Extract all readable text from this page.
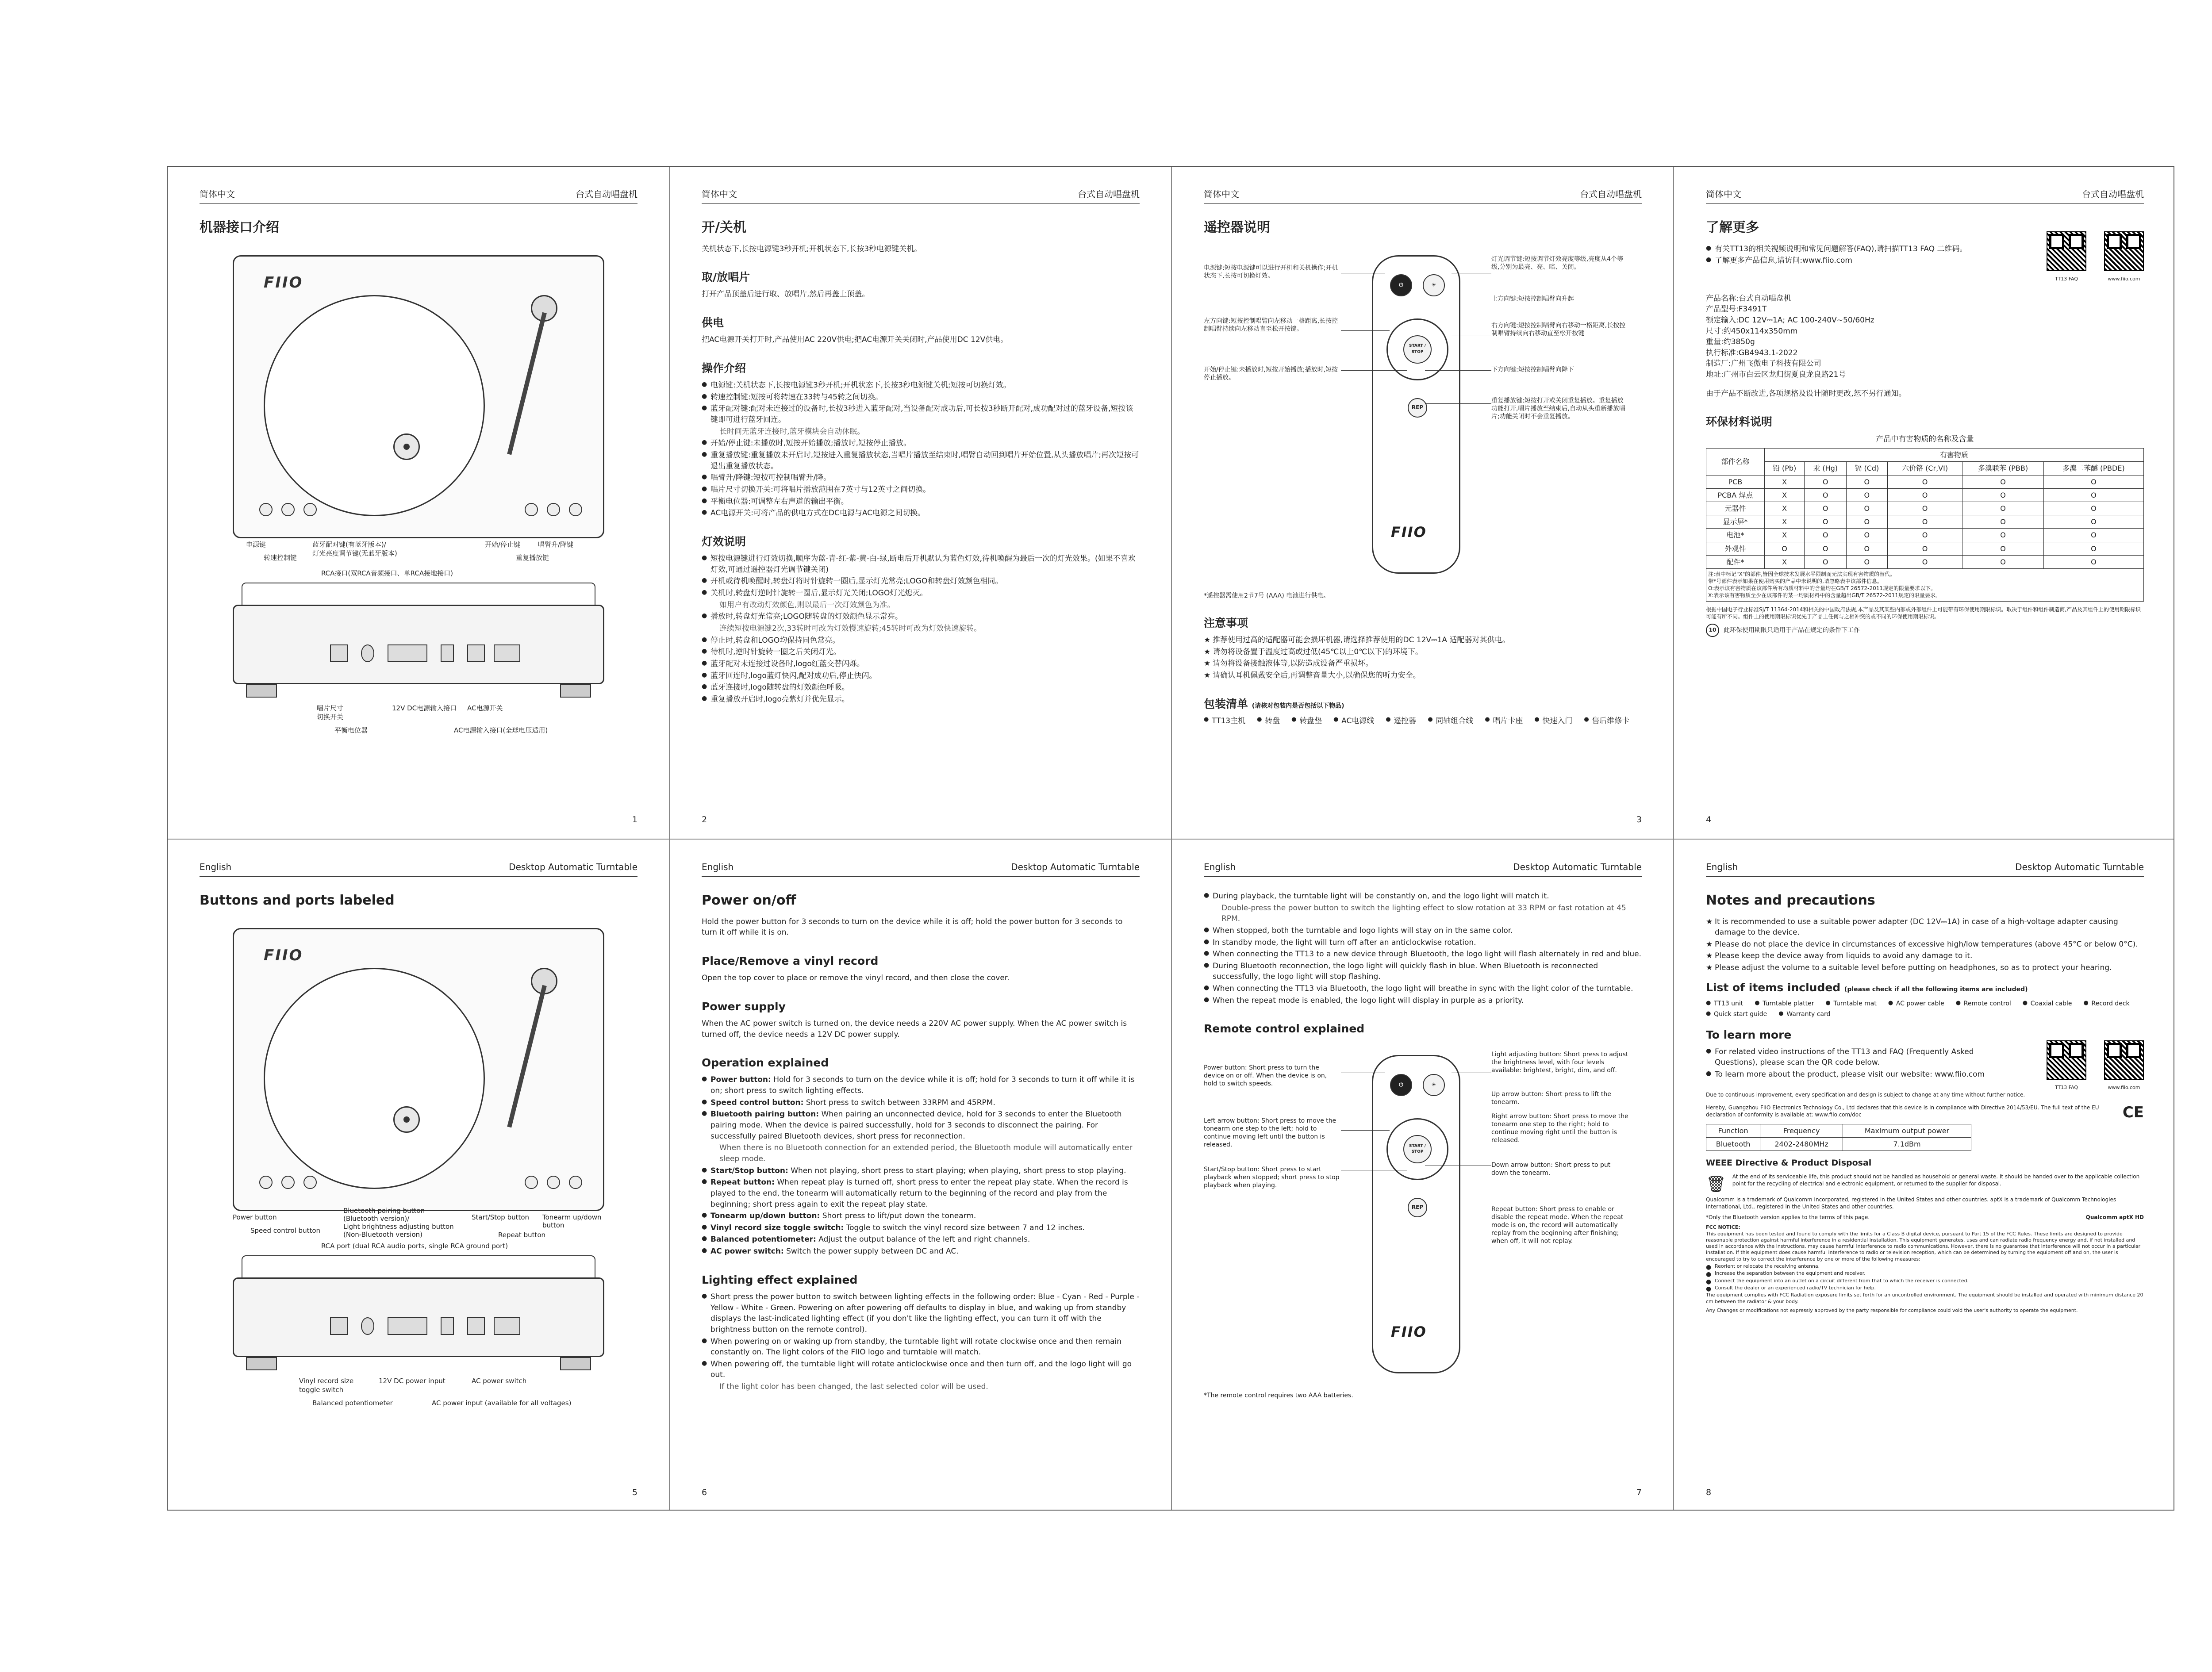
简体中文	台式自动唱盘机
机器接口介绍
FIIO
电源键
转速控制键
蓝牙配对键(有蓝牙版本)/
灯光亮度调节键(无蓝牙版本)
开始/停止键	唱臂升/降键
重复播放键
RCA接口(双RCA音频接口、单RCA接地接口)
唱片尺寸
切换开关
平衡电位器
12V DC电源输入接口 AC电源开关
AC电源输入接口(全球电压适用)
1
简体中文	台式自动唱盘机
开/关机

关机状态下,长按电源键3秒开机;开机状态下,长按3秒电源键关机。

取/放唱片

打开产品顶盖后进行取、放唱片,然后再盖上顶盖。

供电

把AC电源开关打开时,产品使用AC 220V供电;把AC电源开关关闭时,产品使用DC 12V供电。

操作介绍
● 电源键:关机状态下,长按电源键3秒开机;开机状态下,长按3秒电源键关机;短按可切换灯效。
● 转速控制键:短按可将转速在33转与45转之间切换。
● 蓝牙配对键:配对未连接过的设备时,长按3秒进入蓝牙配对,当设备配对成功后,可长按3秒断开配对,成功配对过的蓝牙设备,短按该键即可进行蓝牙回连。
长时间无蓝牙连接时,蓝牙模块会自动休眠。
● 开始/停止键:未播放时,短按开始播放;播放时,短按停止播放。
● 重复播放键:重复播放未开启时,短按进入重复播放状态,当唱片播放至结束时,唱臂自动回到唱片开始位置,从头播放唱片;再次短按可退出重复播放状态。
● 唱臂升/降键:短按可控制唱臂升/降。
● 唱片尺寸切换开关:可将唱片播放范围在7英寸与12英寸之间切换。
● 平衡电位器:可调整左右声道的输出平衡。
● AC电源开关:可将产品的供电方式在DC电源与AC电源之间切换。
灯效说明
● 短按电源键进行灯效切换,顺序为蓝-青-红-紫-黄-白-绿,断电后开机默认为蓝色灯效,待机唤醒为最后一次的灯光效果。(如果不喜欢灯效,可通过遥控器灯光调节键关闭)
● 开机或待机唤醒时,转盘灯将时针旋转一圈后,显示灯光常亮;LOGO和转盘灯效颜色相同。
● 关机时,转盘灯逆时针旋转一圈后,显示灯光关闭;LOGO灯光熄灭。
如用户有改动灯效颜色,则以最后一次灯效颜色为准。
● 播放时,转盘灯光常亮;LOGO随转盘的灯效颜色显示常亮。
连续短按电源键2次,33转时可改为灯效慢速旋转;45转时可改为灯效快速旋转。
● 停止时,转盘和LOGO均保持同色常亮。
● 待机时,逆时针旋转一圈之后关闭灯光。
● 蓝牙配对未连接过设备时,logo红蓝交替闪烁。
● 蓝牙回连时,logo蓝灯快闪,配对成功后,停止快闪。
● 蓝牙连接时,logo随转盘的灯效颜色呼吸。
● 重复播放开启时,logo亮紫灯并优先显示。
2
简体中文	台式自动唱盘机
遥控器说明
⏻	☀
START / STOP
REP
FIIO
电源键:短按电源键可以进行开机和关机操作;开机状态下,长按可切换灯效。
灯光调节键:短按调节灯效亮度等级,亮度从4个等级,分别为最亮、亮、暗、关闭。
上方向键:短按控制唱臂向升起
左方向键:短按控制唱臂向左移动一格距离,长按控制唱臂持续向左移动直至松开按键。
右方向键:短按控制唱臂向右移动一格距离,长按控制唱臂持续向右移动直至松开按键
开始/停止键:未播放时,短按开始播放;播放时,短按停止播放。
下方向键:短按控制唱臂向降下
重复播放键:短按打开或关闭重复播放。重复播放功能打开,唱片播放至结束后,自动从头重新播放唱片;功能关闭时不会重复播放。

*遥控器需使用2节7号 (AAA) 电池进行供电。

注意事项
★ 推荐使用过高的适配器可能会损坏机器,请选择推荐使用的DC 12V⎓1A 适配器对其供电。
★ 请勿将设备置于温度过高或过低(45℃以上0℃以下)的环境下。
★ 请勿将设备接触液体等,以防造成设备严重损坏。
★ 请确认耳机佩戴安全后,再调整音量大小,以确保您的听力安全。
包装清单 (请核对包装内是否包括以下物品)
● TT13主机	● 转盘	● 转盘垫	● AC电源线	● 遥控器	● 同轴组合线	● 唱片卡座	● 快速入门	● 售后维修卡
3
简体中文	台式自动唱盘机
了解更多
● 有关TT13的相关视频说明和常见问题解答(FAQ),请扫描TT13 FAQ 二维码。
● 了解更多产品信息,请访问:www.fiio.com
TT13 FAQ	www.fiio.com

产品名称:台式自动唱盘机

产品型号:F3491T

额定输入:DC 12V⎓1A; AC 100-240V~50/60Hz

尺寸:约450x114x350mm

重量:约3850g

执行标准:GB4943.1-2022

制造厂:广州飞傲电子科技有限公司

地址:广州市白云区龙归街夏良龙良路21号

由于产品不断改进,各项规格及设计随时更改,恕不另行通知。

环保材料说明

产品中有害物质的名称及含量

部件名称	有害物质					
	铅 (Pb)	汞 (Hg)	镉 (Cd)	六价铬 (Cr,VI)	多溴联苯 (PBB)	多溴二苯醚 (PBDE)
PCB	X	O	O	O	O	O
PCBA 焊点	X	O	O	O	O	O
元器件	X	O	O	O	O	O
显示屏*	X	O	O	O	O	O
电池*	X	O	O	O	O	O
外观件	O	O	O	O	O	O
配件*	X	O	O	O	O	O
注:表中标记"X"的部件,皆因全球技术发展水平限制而无法实现有害物质的替代。
带*号部件表示如果在使用购买的产品中未说明的,请忽略表中该部件信息。
O:表示该有害物质在该部件所有均质材料中的含量均在GB/T 26572-2011规定的限量要求以下。
X:表示该有害物质至少在该部件的某一均质材料中的含量超出GB/T 26572-2011规定的限量要求。

根据中国电子行业标准SJ/T 11364-2014和相关的中国政府法规,本产品及其某些内部或外部组件上可能带有环保使用期限标识。取决于组件和组件制造商,产品及其组件上的使用期限标识可能有所不同。组件上的使用期限标识优先于产品上任何与之相冲突的或不同的环保使用期限标识。

10	此环保使用期限只适用于产品在规定的条件下工作

4
English	Desktop Automatic Turntable
Buttons and ports labeled
FIIO
Power button
Speed control button
Bluetooth pairing button
(Bluetooth version)/
Light brightness adjusting button
(Non-Bluetooth version)
Start/Stop button Tonearm up/down
button
Repeat button
RCA port (dual RCA audio ports, single RCA ground port)
Vinyl record size
toggle switch
Balanced potentiometer
12V DC power input	AC power switch
AC power input (available for all voltages)
5
English	Desktop Automatic Turntable
Power on/off

Hold the power button for 3 seconds to turn on the device while it is off; hold the power button for 3 seconds to turn it off while it is on.

Place/Remove a vinyl record

Open the top cover to place or remove the vinyl record, and then close the cover.

Power supply

When the AC power switch is turned on, the device needs a 220V AC power supply. When the AC power switch is turned off, the device needs a 12V DC power supply.

Operation explained
● Power button: Hold for 3 seconds to turn on the device while it is off; hold for 3 seconds to turn it off while it is on; short press to switch lighting effects.
● Speed control button: Short press to switch between 33RPM and 45RPM.
● Bluetooth pairing button: When pairing an unconnected device, hold for 3 seconds to enter the Bluetooth pairing mode. When the device is paired successfully, hold for 3 seconds to disconnect the pairing. For successfully paired Bluetooth devices, short press for reconnection.
When there is no Bluetooth connection for an extended period, the Bluetooth module will automatically enter sleep mode.
● Start/Stop button: When not playing, short press to start playing; when playing, short press to stop playing.
● Repeat button: When repeat play is turned off, short press to enter the repeat play state. When the record is played to the end, the tonearm will automatically return to the beginning of the record and play from the beginning; short press again to exit the repeat play state.
● Tonearm up/down button: Short press to lift/put down the tonearm.
● Vinyl record size toggle switch: Toggle to switch the vinyl record size between 7 and 12 inches.
● Balanced potentiometer: Adjust the output balance of the left and right channels.
● AC power switch: Switch the power supply between DC and AC.
Lighting effect explained
● Short press the power button to switch between lighting effects in the following order: Blue - Cyan - Red - Purple - Yellow - White - Green. Powering on after powering off defaults to display in blue, and waking up from standby displays the last-indicated lighting effect (if you don't like the lighting effect, you can turn it off with the brightness button on the remote control).
● When powering on or waking up from standby, the turntable light will rotate clockwise once and then remain constantly on. The light colors of the FIIO logo and turntable will match.
● When powering off, the turntable light will rotate anticlockwise once and then turn off, and the logo light will go out.
If the light color has been changed, the last selected color will be used.
6
English	Desktop Automatic Turntable
● During playback, the turntable light will be constantly on, and the logo light will match it.
Double-press the power button to switch the lighting effect to slow rotation at 33 RPM or fast rotation at 45 RPM.
● When stopped, both the turntable and logo lights will stay on in the same color.
● In standby mode, the light will turn off after an anticlockwise rotation.
● When connecting the TT13 to a new device through Bluetooth, the logo light will flash alternately in red and blue.
● During Bluetooth reconnection, the logo light will quickly flash in blue. When Bluetooth is reconnected successfully, the logo light will stop flashing.
● When connecting the TT13 via Bluetooth, the logo light will breathe in sync with the light color of the turntable.
● When the repeat mode is enabled, the logo light will display in purple as a priority.
Remote control explained
⏻	☀
START / STOP
REP
FIIO
Power button: Short press to turn the device on or off. When the device is on, hold to switch speeds.
Light adjusting button: Short press to adjust the brightness level, with four levels available: brightest, bright, dim, and off.
Up arrow button: Short press to lift the tonearm.
Left arrow button: Short press to move the tonearm one step to the left; hold to continue moving left until the button is released.
Right arrow button: Short press to move the tonearm one step to the right; hold to continue moving right until the button is released.
Start/Stop button: Short press to start playback when stopped; short press to stop playback when playing.
Down arrow button: Short press to put down the tonearm.
Repeat button: Short press to enable or disable the repeat mode. When the repeat mode is on, the record will automatically replay from the beginning after finishing; when off, it will not replay.

*The remote control requires two AAA batteries.

7
English	Desktop Automatic Turntable
Notes and precautions
★ It is recommended to use a suitable power adapter (DC 12V⎓1A) in case of a high-voltage adapter causing damage to the device.
★ Please do not place the device in circumstances of excessive high/low temperatures (above 45°C or below 0°C).
★ Please keep the device away from liquids to avoid any damage to it.
★ Please adjust the volume to a suitable level before putting on headphones, so as to protect your hearing.
List of items included (please check if all the following items are included)
● TT13 unit	● Turntable platter	● Turntable mat	● AC power cable	● Remote control	● Coaxial cable	● Record deck
● Quick start guide	● Warranty card
To learn more
● For related video instructions of the TT13 and FAQ (Frequently Asked Questions), please scan the QR code below.
● To learn more about the product, please visit our website: www.fiio.com
TT13 FAQ	www.fiio.com

Due to continuous improvement, every specification and design is subject to change at any time without further notice.

Hereby, Guangzhou FIIO Electronics Technology Co., Ltd declares that this device is in compliance with Directive 2014/53/EU. The full text of the EU declaration of conformity is available at: www.fiio.com/doc	CE
Function	Frequency	Maximum output power
Bluetooth	2402-2480MHz	7.1dBm
WEEE Directive & Product Disposal
🗑 At the end of its serviceable life, this product should not be handled as household or general waste. It should be handed over to the applicable collection point for the recycling of electrical and electronic equipment, or returned to the supplier for disposal.

Qualcomm is a trademark of Qualcomm Incorporated, registered in the United States and other countries. aptX is a trademark of Qualcomm Technologies International, Ltd., registered in the United States and other countries.

*Only the Bluetooth version applies to the terms of this page.	Qualcomm aptX HD
FCC NOTICE:

This equipment has been tested and found to comply with the limits for a Class B digital device, pursuant to Part 15 of the FCC Rules. These limits are designed to provide reasonable protection against harmful interference in a residential installation. This equipment generates, uses and can radiate radio frequency energy and, if not installed and used in accordance with the instructions, may cause harmful interference to radio communications. However, there is no guarantee that interference will not occur in a particular installation. If this equipment does cause harmful interference to radio or television reception, which can be determined by turning the equipment off and on, the user is encouraged to try to correct the interference by one or more of the following measures:

● Reorient or relocate the receiving antenna.
● Increase the separation between the equipment and receiver.
● Connect the equipment into an outlet on a circuit different from that to which the receiver is connected.
● Consult the dealer or an experienced radio/TV technician for help.

The equipment complies with FCC Radiation exposure limits set forth for an uncontrolled environment. The equipment should be installed and operated with minimum distance 20 cm between the radiator & your body.

Any Changes or modifications not expressly approved by the party responsible for compliance could void the user's authority to operate the equipment.

8
